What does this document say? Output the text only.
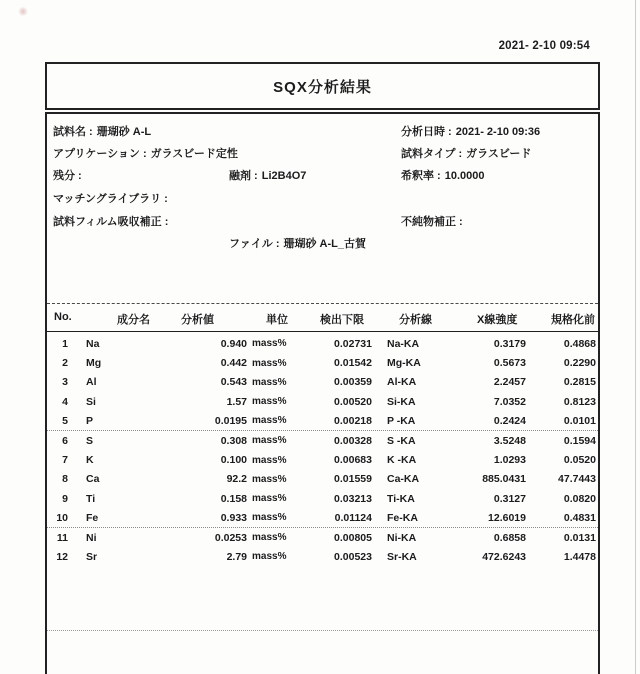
2021- 2-10 09:54
SQX分析結果
試料名 : 珊瑚砂 A-L	分析日時 : 2021- 2-10 09:36
アプリケーション : ガラスビード定性	試料タイプ : ガラスビード
残分 :	融剤 : Li2B4O7	希釈率 : 10.0000
マッチングライブラリ :
試料フィルム吸収補正 :	不純物補正 :
ファイル : 珊瑚砂 A-L_古賀
No.	成分名	分析値	単位	検出下限	分析線	X線強度	規格化前
1	Na	0.940 mass%	0.02731	Na-KA	0.3179	0.4868
2	Mg	0.442 mass%	0.01542	Mg-KA	0.5673	0.2290
3	Al	0.543 mass%	0.00359	Al-KA	2.2457	0.2815
4	Si	1.57 mass%	0.00520	Si-KA	7.0352	0.8123
5	P	0.0195 mass%	0.00218	P -KA	0.2424	0.0101
6	S	0.308 mass%	0.00328	S -KA	3.5248	0.1594
7	K	0.100 mass%	0.00683	K -KA	1.0293	0.0520
8	Ca	92.2 mass%	0.01559	Ca-KA	885.0431	47.7443
9	Ti	0.158 mass%	0.03213	Ti-KA	0.3127	0.0820
10	Fe	0.933 mass%	0.01124	Fe-KA	12.6019	0.4831
11	Ni	0.0253 mass%	0.00805	Ni-KA	0.6858	0.0131
12	Sr	2.79 mass%	0.00523	Sr-KA	472.6243	1.4478
